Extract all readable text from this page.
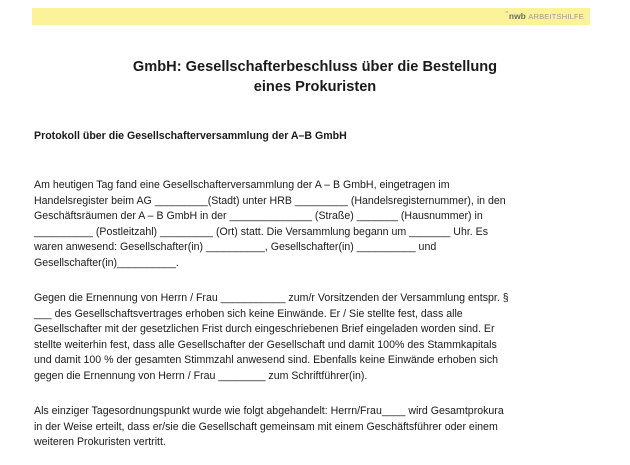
″nwb ARBEITSHILFE
GmbH: Gesellschafterbeschluss über die Bestellung
eines Prokuristen
Protokoll über die Gesellschafterversammlung der A–B GmbH
Am heutigen Tag fand eine Gesellschafterversammlung der A – B GmbH, eingetragen im
Handelsregister beim AG _________(Stadt) unter HRB _________ (Handelsregisternummer), in den
Geschäftsräumen der A – B GmbH in der ______________ (Straße) _______ (Hausnummer) in
__________ (Postleitzahl) _________ (Ort) statt. Die Versammlung begann um _______ Uhr. Es
waren anwesend: Gesellschafter(in) __________, Gesellschafter(in) __________ und
Gesellschafter(in)__________.
Gegen die Ernennung von Herrn / Frau ___________ zum/r Vorsitzenden der Versammlung entspr. §
___ des Gesellschaftsvertrages erhoben sich keine Einwände. Er / Sie stellte fest, dass alle
Gesellschafter mit der gesetzlichen Frist durch eingeschriebenen Brief eingeladen worden sind. Er
stellte weiterhin fest, dass alle Gesellschafter der Gesellschaft und damit 100% des Stammkapitals
und damit 100 % der gesamten Stimmzahl anwesend sind. Ebenfalls keine Einwände erhoben sich
gegen die Ernennung von Herrn / Frau ________ zum Schriftführer(in).
Als einziger Tagesordnungspunkt wurde wie folgt abgehandelt: Herrn/Frau____ wird Gesamtprokura
in der Weise erteilt, dass er/sie die Gesellschaft gemeinsam mit einem Geschäftsführer oder einem
weiteren Prokuristen vertritt.
